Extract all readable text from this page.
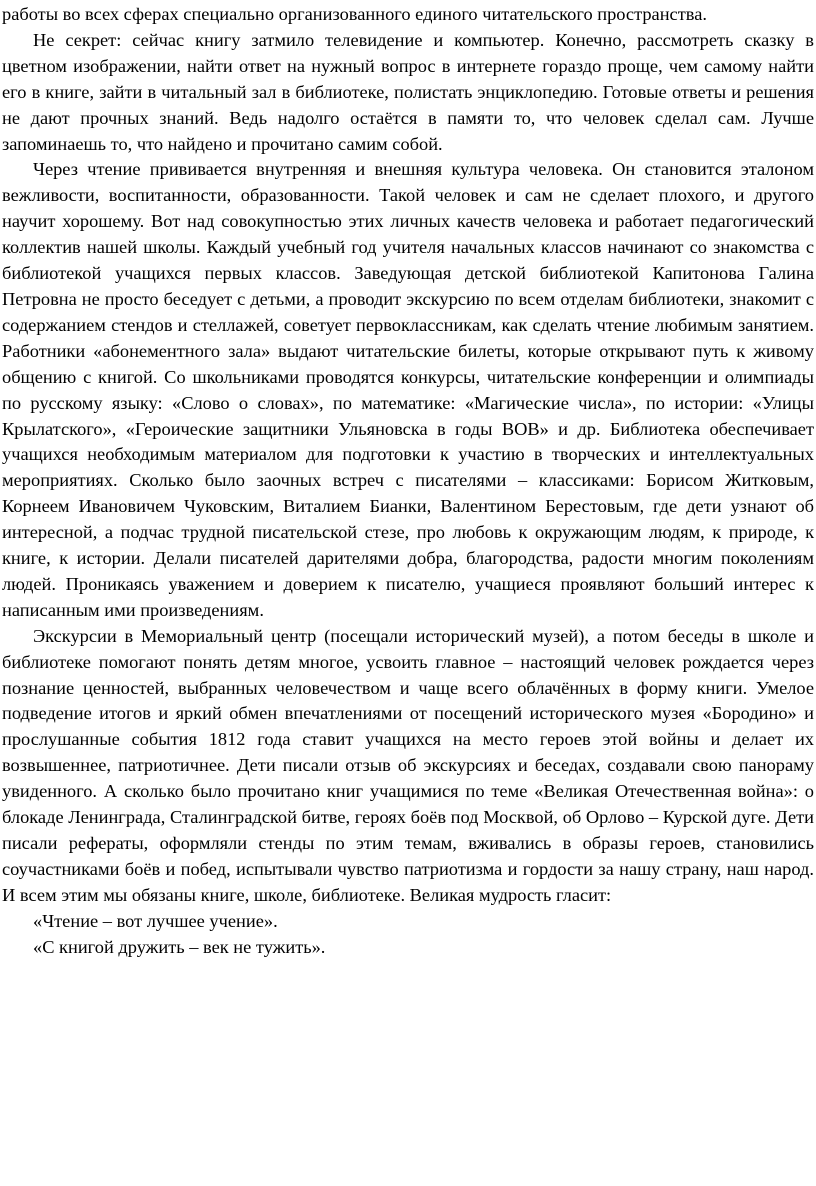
работы во всех сферах специально организованного единого читательского пространства.

Не секрет: сейчас книгу затмило телевидение и компьютер. Конечно, рассмотреть сказку в цветном изображении, найти ответ на нужный вопрос в интернете гораздо проще, чем самому найти его в книге, зайти в читальный зал в библиотеке, полистать энциклопедию. Готовые ответы и решения не дают прочных знаний. Ведь надолго остаётся в памяти то, что человек сделал сам. Лучше запоминаешь то, что найдено и прочитано самим собой.

Через чтение прививается внутренняя и внешняя культура человека. Он становится эталоном вежливости, воспитанности, образованности. Такой человек и сам не сделает плохого, и другого научит хорошему. Вот над совокупностью этих личных качеств человека и работает педагогический коллектив нашей школы. Каждый учебный год учителя начальных классов начинают со знакомства с библиотекой учащихся первых классов. Заведующая детской библиотекой Капитонова Галина Петровна не просто беседует с детьми, а проводит экскурсию по всем отделам библиотеки, знакомит с содержанием стендов и стеллажей, советует первоклассникам, как сделать чтение любимым занятием. Работники «абонементного зала» выдают читательские билеты, которые открывают путь к живому общению с книгой. Со школьниками проводятся конкурсы, читательские конференции и олимпиады по русскому языку: «Слово о словах», по математике: «Магические числа», по истории: «Улицы Крылатского», «Героические защитники Ульяновска в годы ВОВ» и др. Библиотека обеспечивает учащихся необходимым материалом для подготовки к участию в творческих и интеллектуальных мероприятиях. Сколько было заочных встреч с писателями – классиками: Борисом Житковым, Корнеем Ивановичем Чуковским, Виталием Бианки, Валентином Берестовым, где дети узнают об интересной, а подчас трудной писательской стезе, про любовь к окружающим людям, к природе, к книге, к истории. Делали писателей дарителями добра, благородства, радости многим поколениям людей. Проникаясь уважением и доверием к писателю, учащиеся проявляют больший интерес к написанным ими произведениям.

Экскурсии в Мемориальный центр (посещали исторический музей), а потом беседы в школе и библиотеке помогают понять детям многое, усвоить главное – настоящий человек рождается через познание ценностей, выбранных человечеством и чаще всего облачённых в форму книги. Умелое подведение итогов и яркий обмен впечатлениями от посещений исторического музея «Бородино» и прослушанные события 1812 года ставит учащихся на место героев этой войны и делает их возвышеннее, патриотичнее. Дети писали отзыв об экскурсиях и беседах, создавали свою панораму увиденного. А сколько было прочитано книг учащимися по теме «Великая Отечественная война»: о блокаде Ленинграда, Сталинградской битве, героях боёв под Москвой, об Орлово – Курской дуге. Дети писали рефераты, оформляли стенды по этим темам, вживались в образы героев, становились соучастниками боёв и побед, испытывали чувство патриотизма и гордости за нашу страну, наш народ. И всем этим мы обязаны книге, школе, библиотеке. Великая мудрость гласит:

«Чтение – вот лучшее учение».

«С книгой дружить – век не тужить».
